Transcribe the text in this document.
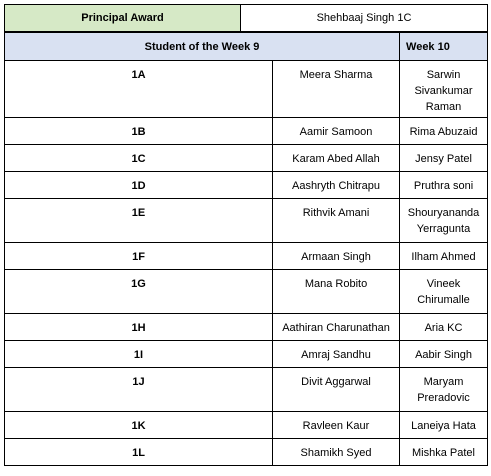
Principal Award	Shehbaaj Singh 1C
Student of the Week 9		Week 10
1A	Meera Sharma	Sarwin Sivankumar Raman
1B	Aamir Samoon	Rima Abuzaid
1C	Karam Abed Allah	Jensy Patel
1D	Aashryth Chitrapu	Pruthra soni
1E	Rithvik Amani	Shouryananda Yerragunta
1F	Armaan Singh	Ilham Ahmed
1G	Mana Robito	Vineek Chirumalle
1H	Aathiran Charunathan	Aria KC
1I	Amraj Sandhu	Aabir Singh
1J	Divit Aggarwal	Maryam Preradovic
1K	Ravleen Kaur	Laneiya Hata
1L	Shamikh Syed	Mishka Patel
